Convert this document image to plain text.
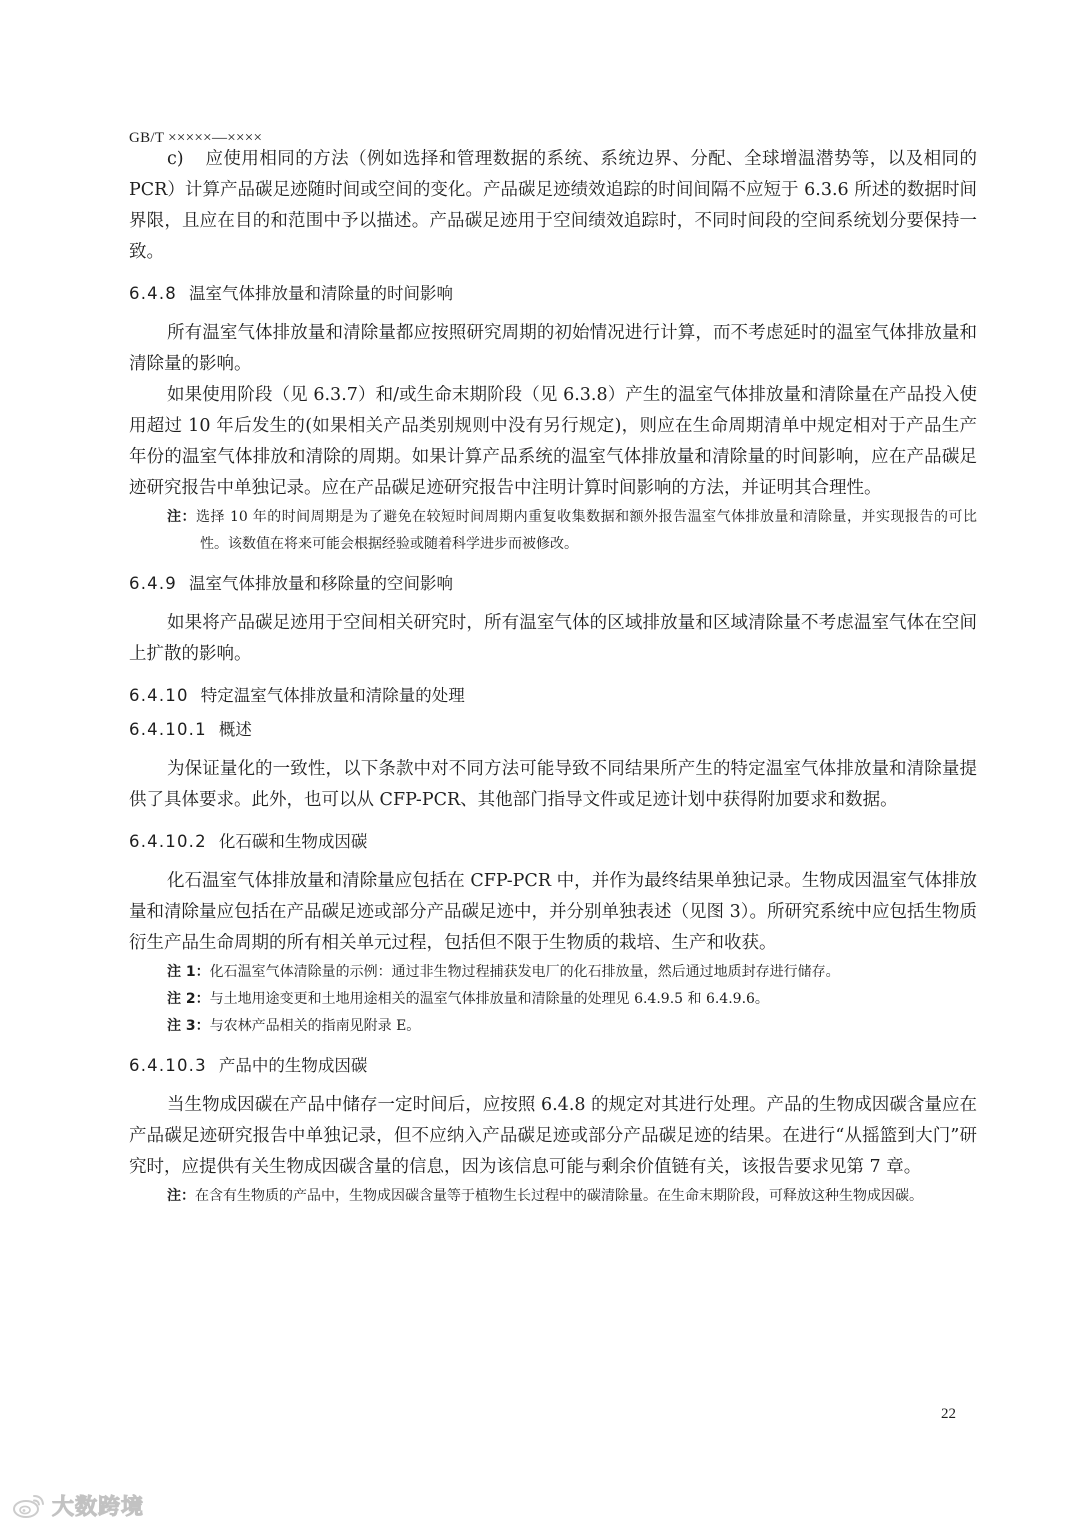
GB/T ×××××—××××

c) 应使用相同的方法（例如选择和管理数据的系统、系统边界、分配、全球增温潜势等，以及相同的 PCR）计算产品碳足迹随时间或空间的变化。产品碳足迹绩效追踪的时间间隔不应短于 6.3.6 所述的数据时间界限，且应在目的和范围中予以描述。产品碳足迹用于空间绩效追踪时，不同时间段的空间系统划分要保持一致。

6.4.8 温室气体排放量和清除量的时间影响

所有温室气体排放量和清除量都应按照研究周期的初始情况进行计算，而不考虑延时的温室气体排放量和清除量的影响。

如果使用阶段（见 6.3.7）和/或生命末期阶段（见 6.3.8）产生的温室气体排放量和清除量在产品投入使用超过 10 年后发生的(如果相关产品类别规则中没有另行规定)，则应在生命周期清单中规定相对于产品生产年份的温室气体排放和清除的周期。如果计算产品系统的温室气体排放量和清除量的时间影响，应在产品碳足迹研究报告中单独记录。应在产品碳足迹研究报告中注明计算时间影响的方法，并证明其合理性。

注：选择 10 年的时间周期是为了避免在较短时间周期内重复收集数据和额外报告温室气体排放量和清除量，并实现报告的可比性。该数值在将来可能会根据经验或随着科学进步而被修改。

6.4.9 温室气体排放量和移除量的空间影响

如果将产品碳足迹用于空间相关研究时，所有温室气体的区域排放量和区域清除量不考虑温室气体在空间上扩散的影响。

6.4.10 特定温室气体排放量和清除量的处理
6.4.10.1 概述

为保证量化的一致性，以下条款中对不同方法可能导致不同结果所产生的特定温室气体排放量和清除量提供了具体要求。此外，也可以从 CFP-PCR、其他部门指导文件或足迹计划中获得附加要求和数据。

6.4.10.2 化石碳和生物成因碳

化石温室气体排放量和清除量应包括在 CFP-PCR 中，并作为最终结果单独记录。生物成因温室气体排放量和清除量应包括在产品碳足迹或部分产品碳足迹中，并分别单独表述（见图 3）。所研究系统中应包括生物质衍生产品生命周期的所有相关单元过程，包括但不限于生物质的栽培、生产和收获。

注 1：化石温室气体清除量的示例：通过非生物过程捕获发电厂的化石排放量，然后通过地质封存进行储存。

注 2：与土地用途变更和土地用途相关的温室气体排放量和清除量的处理见 6.4.9.5 和 6.4.9.6。

注 3：与农林产品相关的指南见附录 E。

6.4.10.3 产品中的生物成因碳

当生物成因碳在产品中储存一定时间后，应按照 6.4.8 的规定对其进行处理。产品的生物成因碳含量应在产品碳足迹研究报告中单独记录，但不应纳入产品碳足迹或部分产品碳足迹的结果。在进行“从摇篮到大门”研究时，应提供有关生物成因碳含量的信息，因为该信息可能与剩余价值链有关，该报告要求见第 7 章。

注：在含有生物质的产品中，生物成因碳含量等于植物生长过程中的碳清除量。在生命末期阶段，可释放这种生物成因碳。

22
大数跨境
